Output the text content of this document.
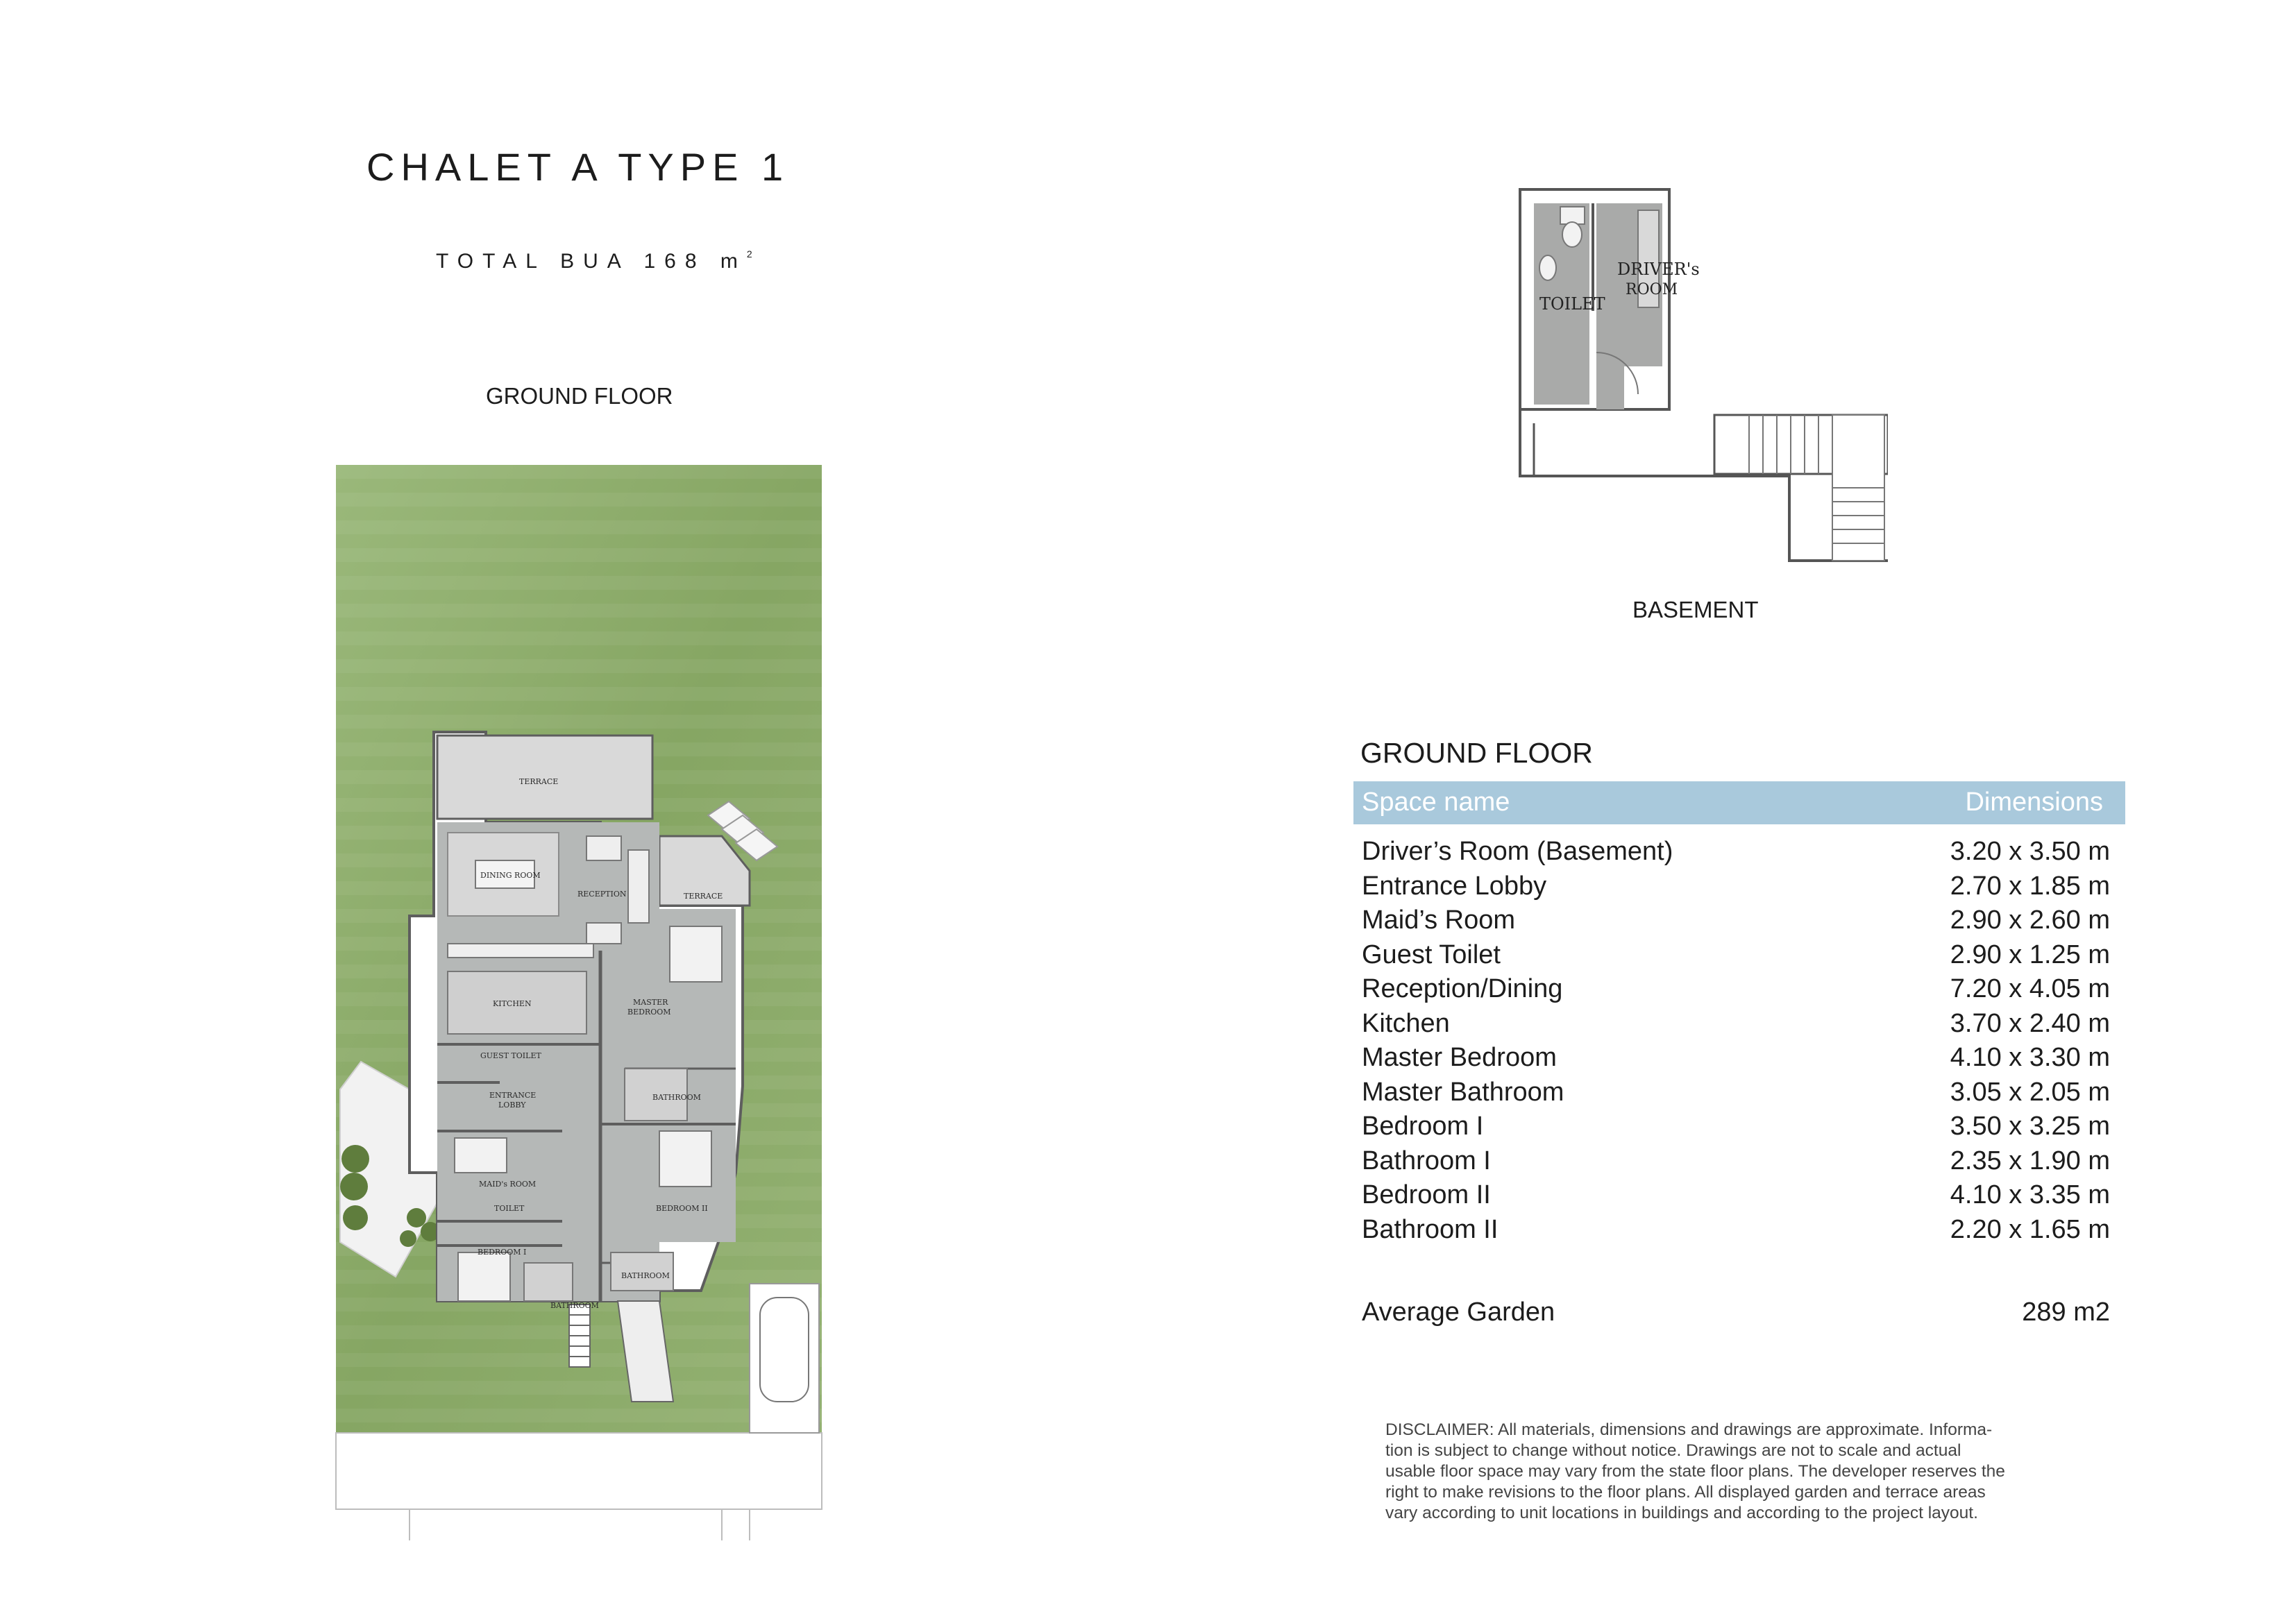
CHALET A TYPE 1
TOTAL BUA 168 $m^2$
GROUND FLOOR
TERRACE
DINING ROOM
RECEPTION	TERRACE
KITCHEN	MASTER
BEDROOM
GUEST TOILET
ENTRANCE
LOBBY
BATHROOM
MAID's ROOM
TOILET	BEDROOM II
BEDROOM I
BATHROOM
BATHROOM
DRIVER's
ROOM
TOILET
BASEMENT
GROUND FLOOR
Space name	Dimensions
Driver’s Room (Basement)	3.20 x 3.50 m
Entrance Lobby	2.70 x 1.85 m
Maid’s Room	2.90 x 2.60 m
Guest Toilet	2.90 x 1.25 m
Reception/Dining	7.20 x 4.05 m
Kitchen	3.70 x 2.40 m
Master Bedroom	4.10 x 3.30 m
Master Bathroom	3.05 x 2.05 m
Bedroom I	3.50 x 3.25 m
Bathroom I	2.35 x 1.90 m
Bedroom II	4.10 x 3.35 m
Bathroom II	2.20 x 1.65 m
Average Garden	289 m2

DISCLAIMER: All materials, dimensions and drawings are approximate. Informa-

tion is subject to change without notice. Drawings are not to scale and actual

usable floor space may vary from the state floor plans. The developer reserves the

right to make revisions to the floor plans. All displayed garden and terrace areas

vary according to unit locations in buildings and according to the project layout.
